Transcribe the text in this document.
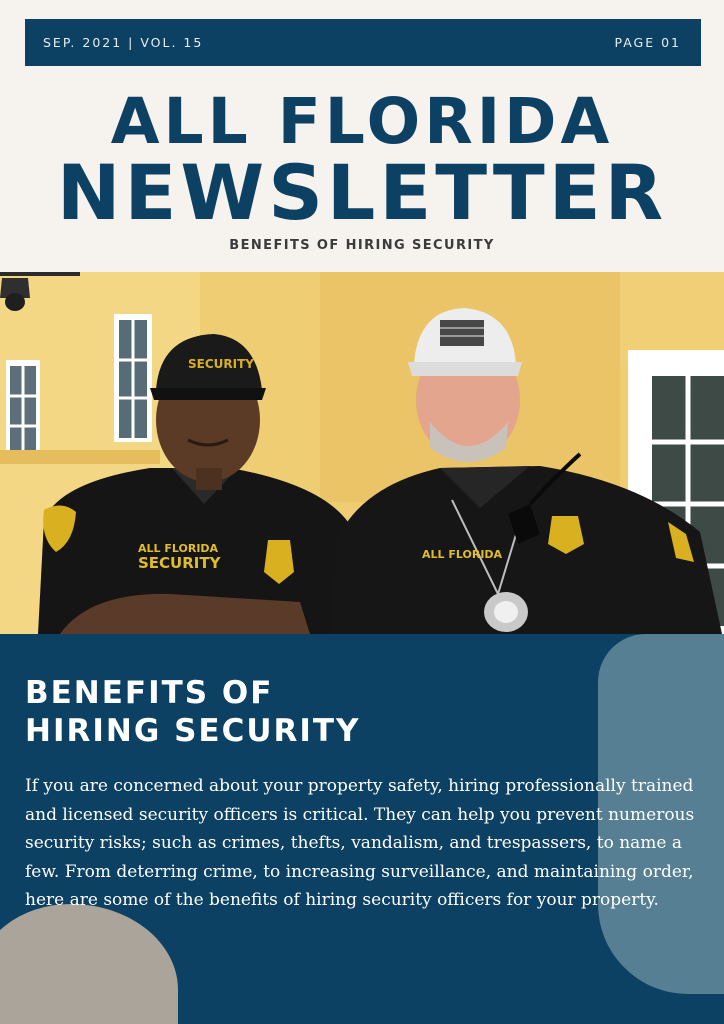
SEP. 2021 | VOL. 15	PAGE 01
ALL FLORIDA
NEWSLETTER
BENEFITS OF HIRING SECURITY
SECURITY
ALL FLORIDA
SECURITY	ALL FLORIDA
BENEFITS OF
HIRING SECURITY

If you are concerned about your property safety, hiring professionally trained and licensed security officers is critical. They can help you prevent numerous security risks; such as crimes, thefts, vandalism, and trespassers, to name a few. From deterring crime, to increasing surveillance, and maintaining order, here are some of the benefits of hiring security officers for your property.
